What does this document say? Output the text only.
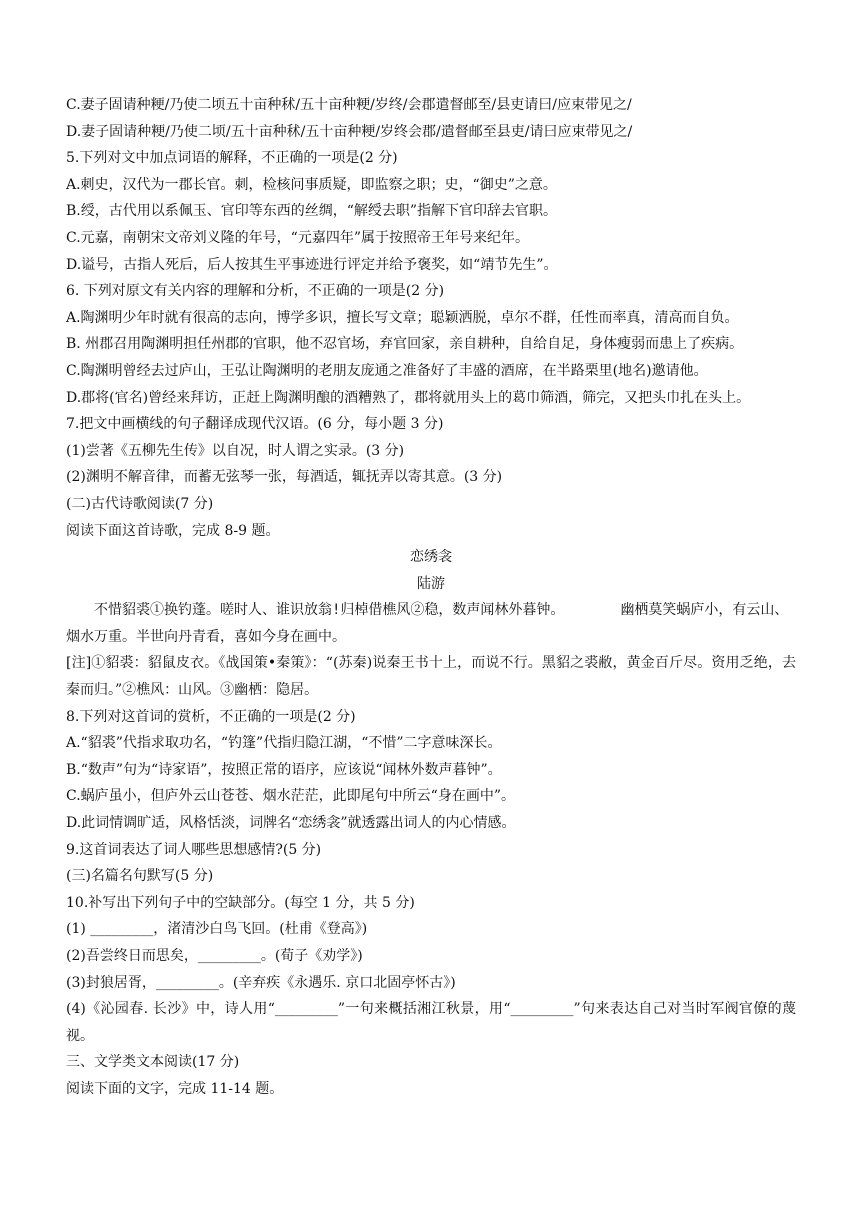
C.妻子固请种粳/乃使二顷五十亩种秫/五十亩种粳/岁终/会郡遣督邮至/县吏请曰/应束带见之/
D.妻子固请种粳/乃使二顷/五十亩种秫/五十亩种粳/岁终会郡/遣督邮至县吏/请曰应束带见之/
5.下列对文中加点词语的解释，不正确的一项是(2 分)
A.刺史，汉代为一郡长官。刺，检核问事质疑，即监察之职；史，“御史”之意。
B.绶，古代用以系佩玉、官印等东西的丝绸，“解绶去职”指解下官印辞去官职。
C.元嘉，南朝宋文帝刘义隆的年号，“元嘉四年”属于按照帝王年号来纪年。
D.谥号，古指人死后，后人按其生平事迹进行评定并给予褒奖，如“靖节先生”。
6. 下列对原文有关内容的理解和分析，不正确的一项是(2 分)
A.陶渊明少年时就有很高的志向，博学多识，擅长写文章；聪颖洒脱，卓尔不群，任性而率真，清高而自负。
B. 州郡召用陶渊明担任州郡的官职，他不忍官场，弃官回家，亲自耕种，自给自足，身体瘦弱而患上了疾病。
C.陶渊明曾经去过庐山，王弘让陶渊明的老朋友庞通之准备好了丰盛的酒席，在半路栗里(地名)邀请他。
D.郡将(官名)曾经来拜访，正赶上陶渊明酿的酒糟熟了，郡将就用头上的葛巾筛酒，筛完，又把头巾扎在头上。
7.把文中画横线的句子翻译成现代汉语。(6 分，每小题 3 分)
(1)尝著《五柳先生传》以自况，时人谓之实录。(3 分)
(2)渊明不解音律，而蓄无弦琴一张，每酒适，辄抚弄以寄其意。(3 分)
(二)古代诗歌阅读(7 分)
阅读下面这首诗歌，完成 8-9 题。
恋绣衾
陆游
不惜貂裘①换钓蓬。嗟时人、谁识放翁!归棹借樵风②稳，数声闻林外暮钟。	幽栖莫笑蜗庐小，有云山、烟水万重。半世向丹青看，喜如今身在画中。
[注]①貂裘：貂鼠皮衣。《战国策•秦策》：“(苏秦)说秦王书十上，而说不行。黑貂之裘敝，黄金百斤尽。资用乏绝，去秦而归。”②樵风：山风。③幽栖：隐居。
8.下列对这首词的赏析，不正确的一项是(2 分)
A.“貂裘”代指求取功名，“钓篷”代指归隐江湖，“不惜”二字意味深长。
B.“数声”句为“诗家语”，按照正常的语序，应该说“闻林外数声暮钟”。
C.蜗庐虽小，但庐外云山苍苍、烟水茫茫，此即尾句中所云“身在画中”。
D.此词情调旷适，风格恬淡，词牌名“恋绣衾”就透露出词人的内心情感。
9.这首词表达了词人哪些思想感情?(5 分)
(三)名篇名句默写(5 分)
10.补写出下列句子中的空缺部分。(每空 1 分，共 5 分)
(1) _________，渚清沙白鸟飞回。(杜甫《登高》)
(2)吾尝终日而思矣，_________。(荀子《劝学》)
(3)封狼居胥，_________。(辛弃疾《永遇乐. 京口北固亭怀古》)
(4)《沁园春. 长沙》中，诗人用“_________”一句来概括湘江秋景，用“_________”句来表达自己对当时军阀官僚的蔑视。
三、文学类文本阅读(17 分)
阅读下面的文字，完成 11-14 题。
